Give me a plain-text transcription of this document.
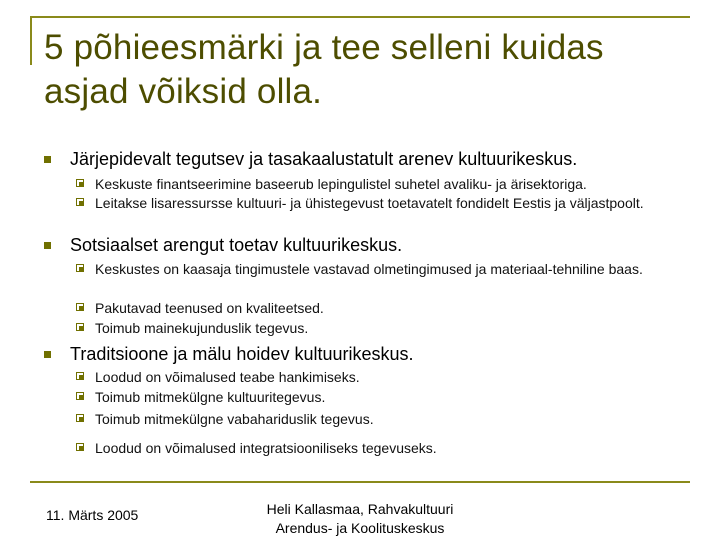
5 põhieesmärki ja tee selleni kuidas asjad võiksid olla.
Järjepidevalt tegutsev ja tasakaalustatult arenev kultuurikeskus.
Keskuste finantseerimine baseerub lepingulistel suhetel avaliku- ja ärisektoriga.
Leitakse lisaressursse kultuuri- ja ühistegevust toetavatelt fondidelt Eestis ja väljastpoolt.
Sotsiaalset arengut toetav kultuurikeskus.
Keskustes on kaasaja tingimustele vastavad olmetingimused ja materiaal-tehniline baas.
Pakutavad teenused on kvaliteetsed.
Toimub mainekujunduslik tegevus.
Traditsioone ja mälu hoidev kultuurikeskus.
Loodud on võimalused teabe hankimiseks.
Toimub mitmekülgne kultuuritegevus.
Toimub mitmekülgne vabahariduslik tegevus.
Loodud on võimalused integratsiooniliseks tegevuseks.
11. Märts 2005	Heli Kallasmaa, Rahvakultuuri
Arendus- ja Koolituskeskus
